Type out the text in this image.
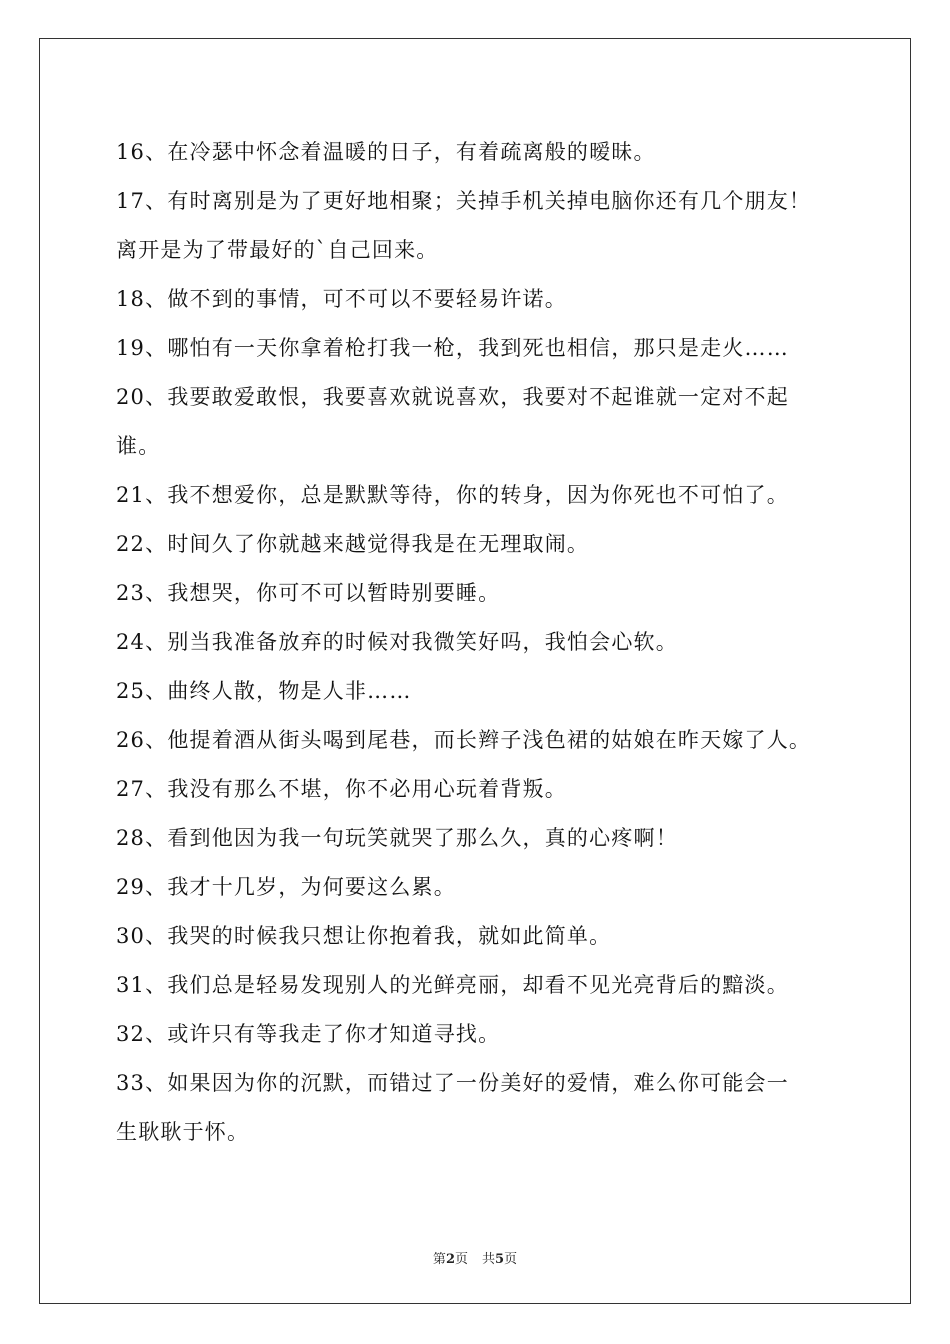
16、在冷瑟中怀念着温暖的日子，有着疏离般的暧昧。
17、有时离别是为了更好地相聚；关掉手机关掉电脑你还有几个朋友！
离开是为了带最好的`自己回来。
18、做不到的事情，可不可以不要轻易许诺。
19、哪怕有一天你拿着枪打我一枪，我到死也相信，那只是走火……
20、我要敢爱敢恨，我要喜欢就说喜欢，我要对不起谁就一定对不起
谁。
21、我不想爱你，总是默默等待，你的转身，因为你死也不可怕了。
22、时间久了你就越来越觉得我是在无理取闹。
23、我想哭，你可不可以暂時别要睡。
24、别当我准备放弃的时候对我微笑好吗，我怕会心软。
25、曲终人散，物是人非……
26、他提着酒从街头喝到尾巷，而长辫子浅色裙的姑娘在昨天嫁了人。
27、我没有那么不堪，你不必用心玩着背叛。
28、看到他因为我一句玩笑就哭了那么久，真的心疼啊！
29、我才十几岁，为何要这么累。
30、我哭的时候我只想让你抱着我，就如此简单。
31、我们总是轻易发现别人的光鲜亮丽，却看不见光亮背后的黯淡。
32、或许只有等我走了你才知道寻找。
33、如果因为你的沉默，而错过了一份美好的爱情，难么你可能会一
生耿耿于怀。
第2页 共5页
